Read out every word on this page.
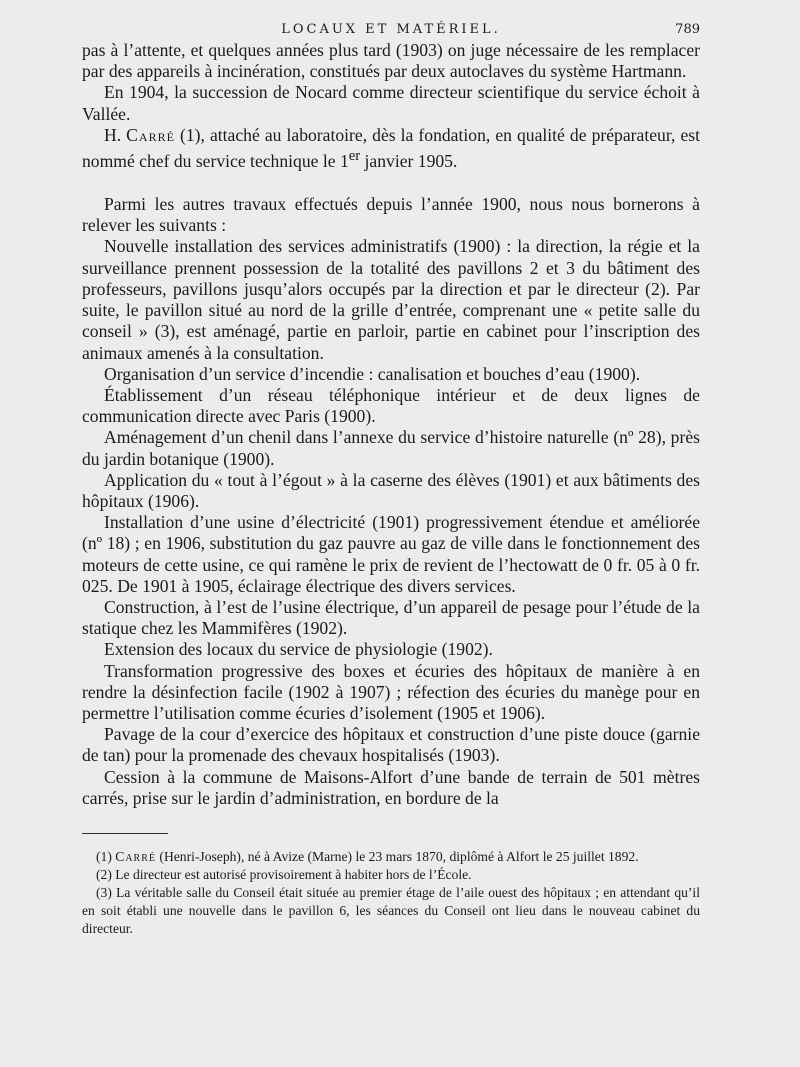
LOCAUX ET MATÉRIEL.	789

pas à l’attente, et quelques années plus tard (1903) on juge nécessaire de les remplacer par des appareils à incinération, constitués par deux autoclaves du système Hartmann.

En 1904, la succession de Nocard comme directeur scientifique du service échoit à Vallée.

H. Carré (1), attaché au laboratoire, dès la fondation, en qualité de préparateur, est nommé chef du service technique le 1er janvier 1905.

Parmi les autres travaux effectués depuis l’année 1900, nous nous bornerons à relever les suivants :

Nouvelle installation des services administratifs (1900) : la direction, la régie et la surveillance prennent possession de la totalité des pavillons 2 et 3 du bâtiment des professeurs, pavillons jusqu’alors occupés par la direction et par le directeur (2). Par suite, le pavillon situé au nord de la grille d’entrée, comprenant une « petite salle du conseil » (3), est aménagé, partie en parloir, partie en cabinet pour l’inscription des animaux amenés à la consultation.

Organisation d’un service d’incendie : canalisation et bouches d’eau (1900).

Établissement d’un réseau téléphonique intérieur et de deux lignes de communication directe avec Paris (1900).

Aménagement d’un chenil dans l’annexe du service d’histoire naturelle (nº 28), près du jardin botanique (1900).

Application du « tout à l’égout » à la caserne des élèves (1901) et aux bâtiments des hôpitaux (1906).

Installation d’une usine d’électricité (1901) progressivement étendue et améliorée (nº 18) ; en 1906, substitution du gaz pauvre au gaz de ville dans le fonctionnement des moteurs de cette usine, ce qui ramène le prix de revient de l’hectowatt de 0 fr. 05 à 0 fr. 025. De 1901 à 1905, éclairage électrique des divers services.

Construction, à l’est de l’usine électrique, d’un appareil de pesage pour l’étude de la statique chez les Mammifères (1902).

Extension des locaux du service de physiologie (1902).

Transformation progressive des boxes et écuries des hôpitaux de manière à en rendre la désinfection facile (1902 à 1907) ; réfection des écuries du manège pour en permettre l’utilisation comme écuries d’isolement (1905 et 1906).

Pavage de la cour d’exercice des hôpitaux et construction d’une piste douce (garnie de tan) pour la promenade des chevaux hospitalisés (1903).

Cession à la commune de Maisons-Alfort d’une bande de terrain de 501 mètres carrés, prise sur le jardin d’administration, en bordure de la

(1) Carré (Henri-Joseph), né à Avize (Marne) le 23 mars 1870, diplômé à Alfort le 25 juillet 1892.

(2) Le directeur est autorisé provisoirement à habiter hors de l’École.

(3) La véritable salle du Conseil était située au premier étage de l’aile ouest des hôpitaux ; en attendant qu’il en soit établi une nouvelle dans le pavillon 6, les séances du Conseil ont lieu dans le nouveau cabinet du directeur.
